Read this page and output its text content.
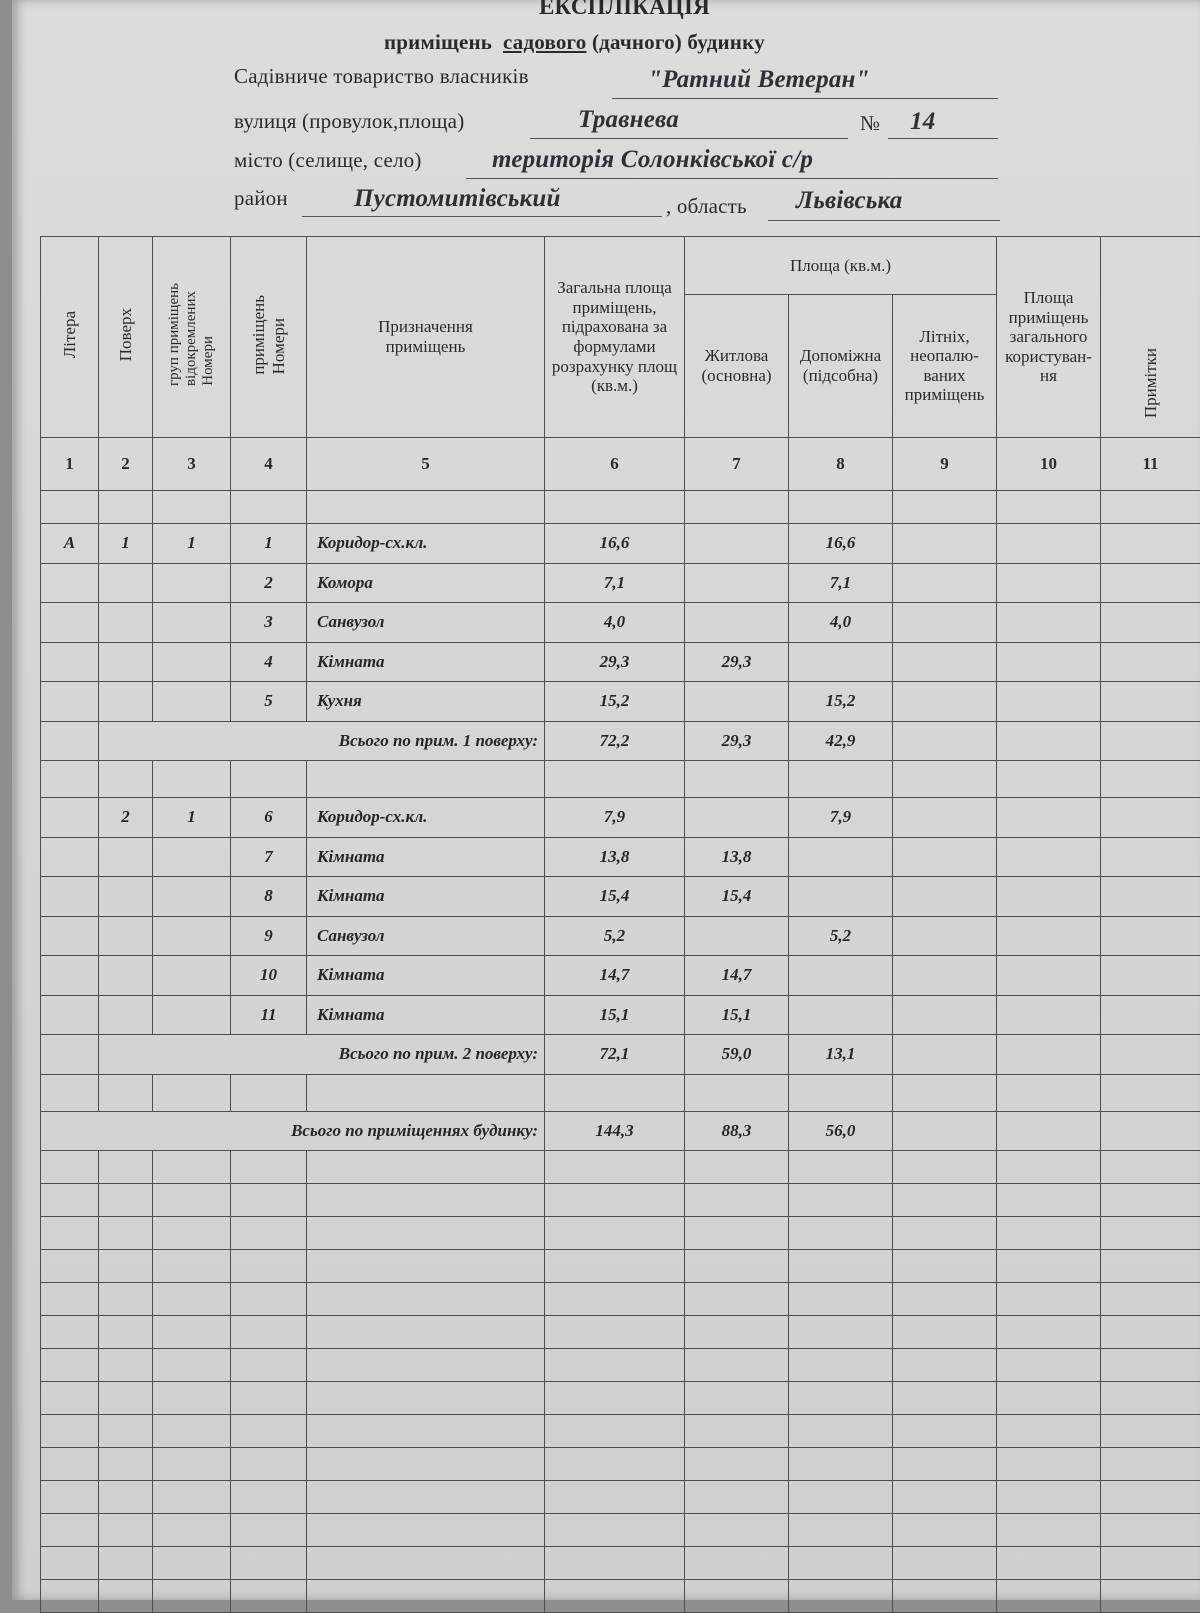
ЕКСПЛІКАЦІЯ
приміщень садового (дачного) будинку
Садівниче товариство власників	"Ратний Ветеран"
вулиця (провулок,площа)	Травнева	№ 14
місто (селище, село)	територія Солонківської с/р
район	Пустомитівський	, область Львівська
Літера	Поверх	груп приміщеньвідокремленихНомери	приміщеньНомери	Призначення приміщень	Загальна площа приміщень, підрахована за формулами розрахунку площ (кв.м.)	Площа (кв.м.)			Площа приміщень загального користуван-ня	Примітки
						Житлова (основна)	Допоміжна (підсобна)	Літніх, неопалю-ваних приміщень		
1	2	3	4	5	6	7	8	9	10	11

А	1	1	1	Коридор-сх.кл.	16,6		16,6			
			2	Комора	7,1		7,1			
			3	Санвузол	4,0		4,0			
			4	Кімната	29,3	29,3				
			5	Кухня	15,2		15,2			
	Всього по прим. 1 поверху:				72,2	29,3	42,9			

	2	1	6	Коридор-сх.кл.	7,9		7,9			
			7	Кімната	13,8	13,8				
			8	Кімната	15,4	15,4				
			9	Санвузол	5,2		5,2			
			10	Кімната	14,7	14,7				
			11	Кімната	15,1	15,1				
	Всього по прим. 2 поверху:				72,1	59,0	13,1			

Всього по приміщеннях будинку:					144,3	88,3	56,0			
